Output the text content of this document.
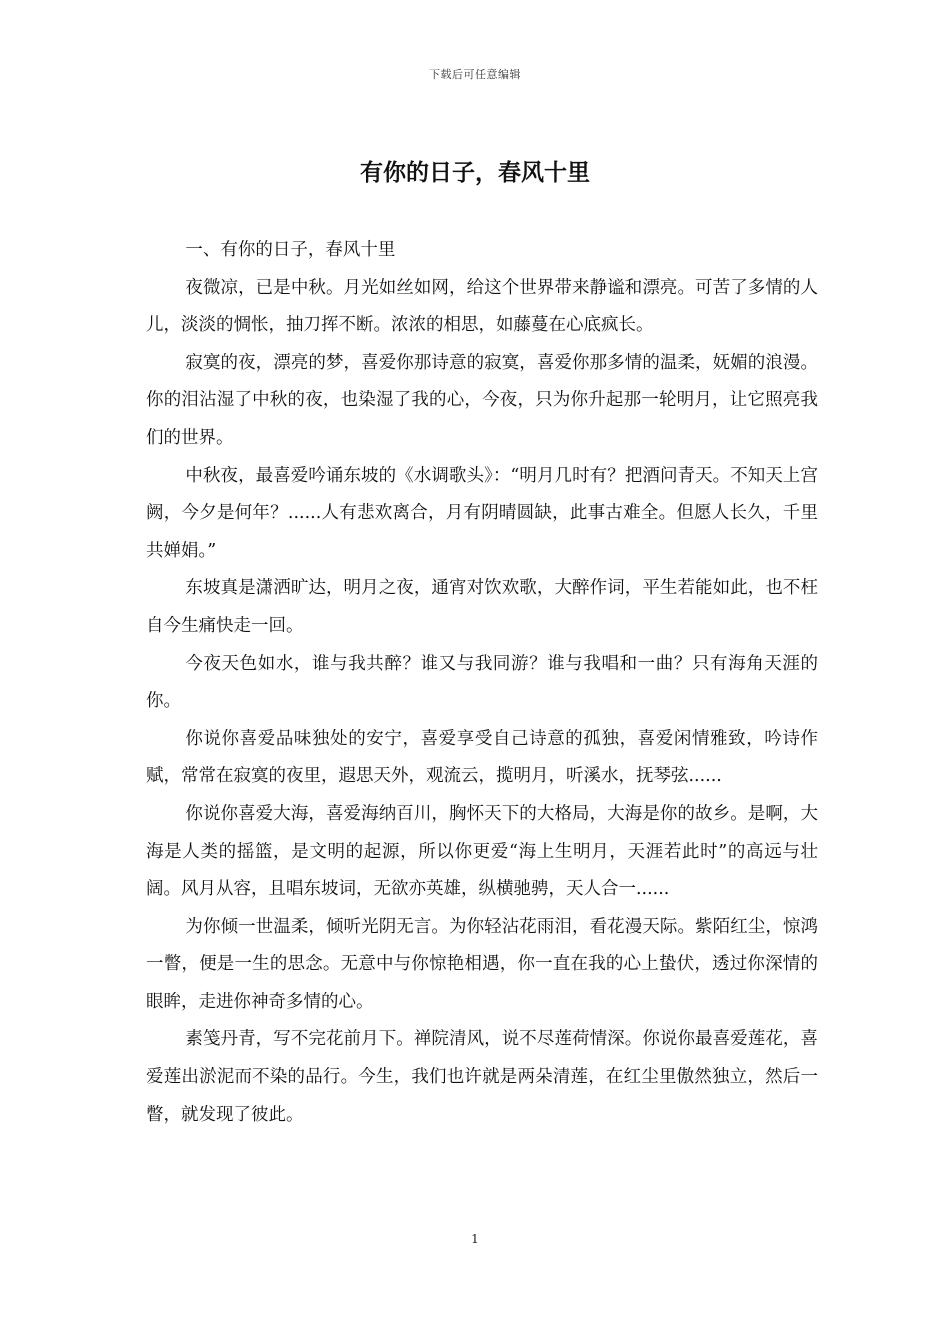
下载后可任意编辑
有你的日子，春风十里

一、有你的日子，春风十里

夜微凉，已是中秋。月光如丝如网，给这个世界带来静谧和漂亮。可苦了多情的人儿，淡淡的惆怅，抽刀挥不断。浓浓的相思，如藤蔓在心底疯长。

寂寞的夜，漂亮的梦，喜爱你那诗意的寂寞，喜爱你那多情的温柔，妩媚的浪漫。你的泪沾湿了中秋的夜，也染湿了我的心，今夜，只为你升起那一轮明月，让它照亮我们的世界。

中秋夜，最喜爱吟诵东坡的《水调歌头》：“明月几时有？把酒问青天。不知天上宫阙，今夕是何年？......人有悲欢离合，月有阴晴圆缺，此事古难全。但愿人长久，千里共婵娟。”

东坡真是潇洒旷达，明月之夜，通宵对饮欢歌，大醉作词，平生若能如此，也不枉自今生痛快走一回。

今夜天色如水，谁与我共醉？谁又与我同游？谁与我唱和一曲？只有海角天涯的你。

你说你喜爱品味独处的安宁，喜爱享受自己诗意的孤独，喜爱闲情雅致，吟诗作赋，常常在寂寞的夜里，遐思天外，观流云，揽明月，听溪水，抚琴弦......

你说你喜爱大海，喜爱海纳百川，胸怀天下的大格局，大海是你的故乡。是啊，大海是人类的摇篮，是文明的起源，所以你更爱“海上生明月，天涯若此时”的高远与壮阔。风月从容，且唱东坡词，无欲亦英雄，纵横驰骋，天人合一......

为你倾一世温柔，倾听光阴无言。为你轻沾花雨泪，看花漫天际。紫陌红尘，惊鸿一瞥，便是一生的思念。无意中与你惊艳相遇，你一直在我的心上蛰伏，透过你深情的眼眸，走进你神奇多情的心。

素笺丹青，写不完花前月下。禅院清风，说不尽莲荷情深。你说你最喜爱莲花，喜爱莲出淤泥而不染的品行。今生，我们也许就是两朵清莲，在红尘里傲然独立，然后一瞥，就发现了彼此。

1
